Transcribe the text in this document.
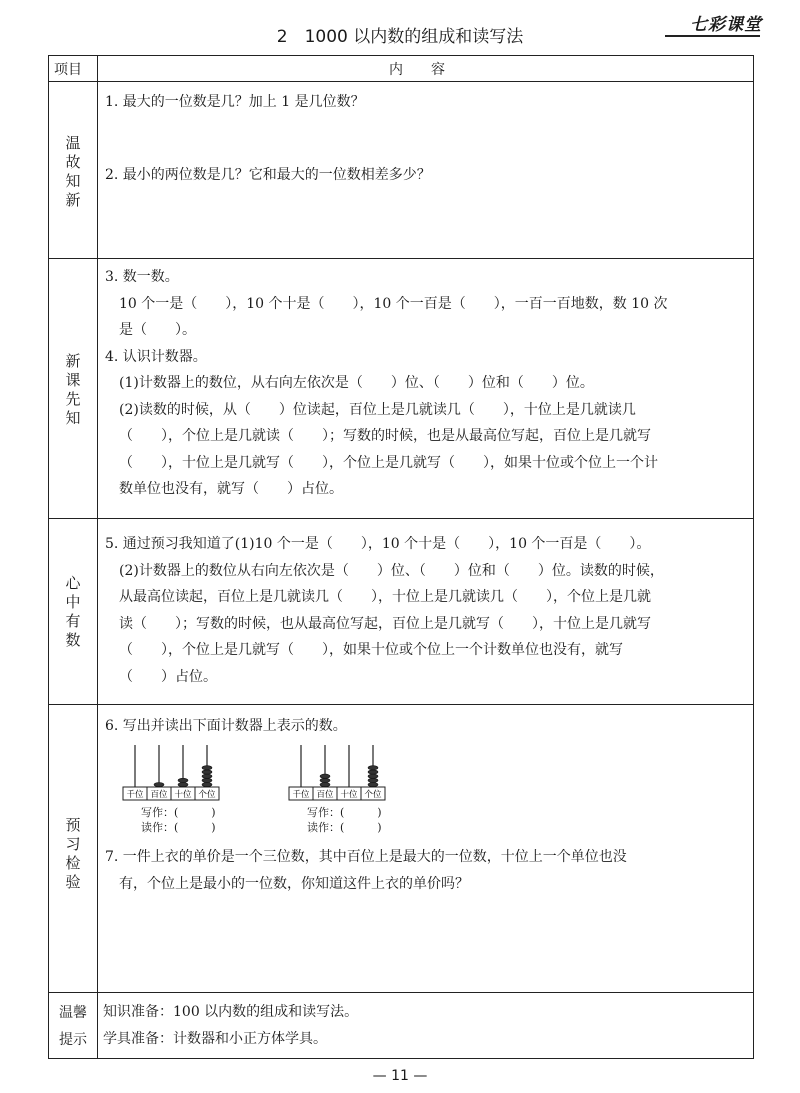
2　1000 以内数的组成和读写法
七彩课堂
项目	内　　容
温故知新
1. 最大的一位数是几？加上 1 是几位数？
2. 最小的两位数是几？它和最大的一位数相差多少？
新课先知
3. 数一数。
10 个一是（　　），10 个十是（　　），10 个一百是（　　），一百一百地数，数 10 次
是（　　）。
4. 认识计数器。
(1)计数器上的数位，从右向左依次是（　　）位、（　　）位和（　　）位。
(2)读数的时候，从（　　）位读起，百位上是几就读几（　　），十位上是几就读几
（　　），个位上是几就读（　　）；写数的时候，也是从最高位写起，百位上是几就写
（　　），十位上是几就写（　　），个位上是几就写（　　），如果十位或个位上一个计
数单位也没有，就写（　　）占位。
心中有数
5. 通过预习我知道了(1)10 个一是（　　），10 个十是（　　），10 个一百是（　　）。
(2)计数器上的数位从右向左依次是（　　）位、（　　）位和（　　）位。读数的时候，
从最高位读起，百位上是几就读几（　　），十位上是几就读几（　　），个位上是几就
读（　　）；写数的时候，也从最高位写起，百位上是几就写（　　），十位上是几就写
（　　），个位上是几就写（　　），如果十位或个位上一个计数单位也没有，就写
（　　）占位。
预习检验
6. 写出并读出下面计数器上表示的数。
千位 百位 十位 个位	千位 百位 十位 个位
写作：(　　　)
读作：(　　　)
写作：(　　　)
读作：(　　　)
7. 一件上衣的单价是一个三位数，其中百位上是最大的一位数，十位上一个单位也没
有，个位上是最小的一位数，你知道这件上衣的单价吗？
温馨提示
知识准备：100 以内数的组成和读写法。
学具准备：计数器和小正方体学具。
— 11 —
